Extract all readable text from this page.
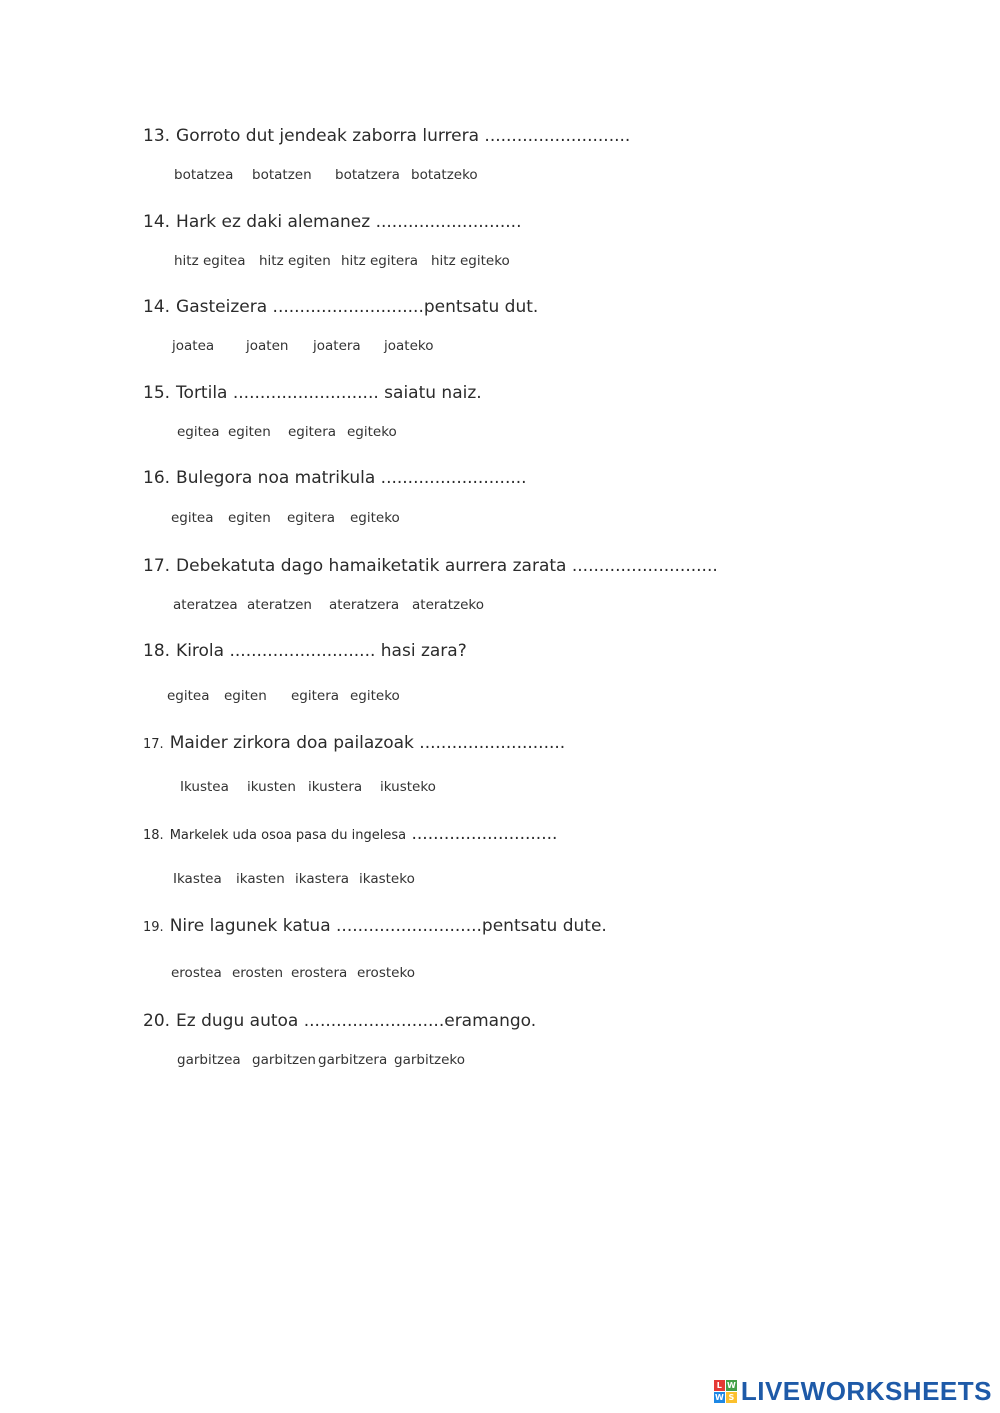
13. Gorroto dut jendeak zaborra lurrera ...........................
botatzea botatzen botatzera botatzeko
14. Hark ez daki alemanez ...........................
hitz egitea hitz egiten hitz egitera hitz egiteko
14. Gasteizera ............................pentsatu dut.
joatea joaten joatera joateko
15. Tortila ........................... saiatu naiz.
egitea egiten egitera egiteko
16. Bulegora noa matrikula ...........................
egitea egiten egitera egiteko
17. Debekatuta dago hamaiketatik aurrera zarata ...........................
ateratzea ateratzen ateratzera ateratzeko
18. Kirola ........................... hasi zara?
egitea egiten egitera egiteko
17. Maider zirkora doa pailazoak ...........................
Ikustea ikusten ikustera ikusteko
18. Markelek uda osoa pasa du ingelesa ...........................
Ikastea ikasten ikastera ikasteko
19. Nire lagunek katua ...........................pentsatu dute.
erostea erosten erostera erosteko
20. Ez dugu autoa ..........................eramango.
garbitzea garbitzen garbitzera garbitzeko
L W
W S LIVEWORKSHEETS
